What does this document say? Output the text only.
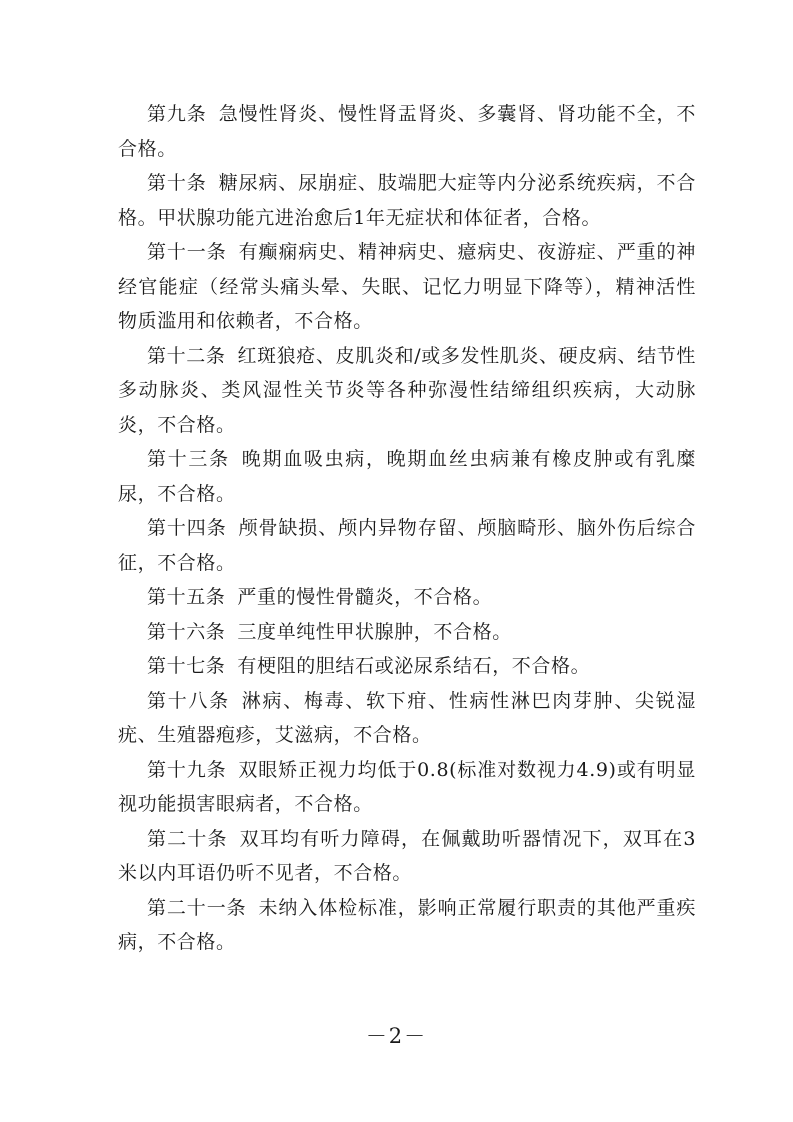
第九条 急慢性肾炎、慢性肾盂肾炎、多囊肾、肾功能不全，不合格。

第十条 糖尿病、尿崩症、肢端肥大症等内分泌系统疾病，不合格。甲状腺功能亢进治愈后1年无症状和体征者，合格。

第十一条 有癫痫病史、精神病史、癔病史、夜游症、严重的神经官能症（经常头痛头晕、失眠、记忆力明显下降等），精神活性物质滥用和依赖者，不合格。

第十二条 红斑狼疮、皮肌炎和/或多发性肌炎、硬皮病、结节性多动脉炎、类风湿性关节炎等各种弥漫性结缔组织疾病，大动脉炎，不合格。

第十三条 晚期血吸虫病，晚期血丝虫病兼有橡皮肿或有乳糜尿，不合格。

第十四条 颅骨缺损、颅内异物存留、颅脑畸形、脑外伤后综合征，不合格。

第十五条 严重的慢性骨髓炎，不合格。

第十六条 三度单纯性甲状腺肿，不合格。

第十七条 有梗阻的胆结石或泌尿系结石，不合格。

第十八条 淋病、梅毒、软下疳、性病性淋巴肉芽肿、尖锐湿疣、生殖器疱疹，艾滋病，不合格。

第十九条 双眼矫正视力均低于0.8(标准对数视力4.9)或有明显视功能损害眼病者，不合格。

第二十条 双耳均有听力障碍，在佩戴助听器情况下，双耳在3米以内耳语仍听不见者，不合格。

第二十一条 未纳入体检标准，影响正常履行职责的其他严重疾病，不合格。

－2－
